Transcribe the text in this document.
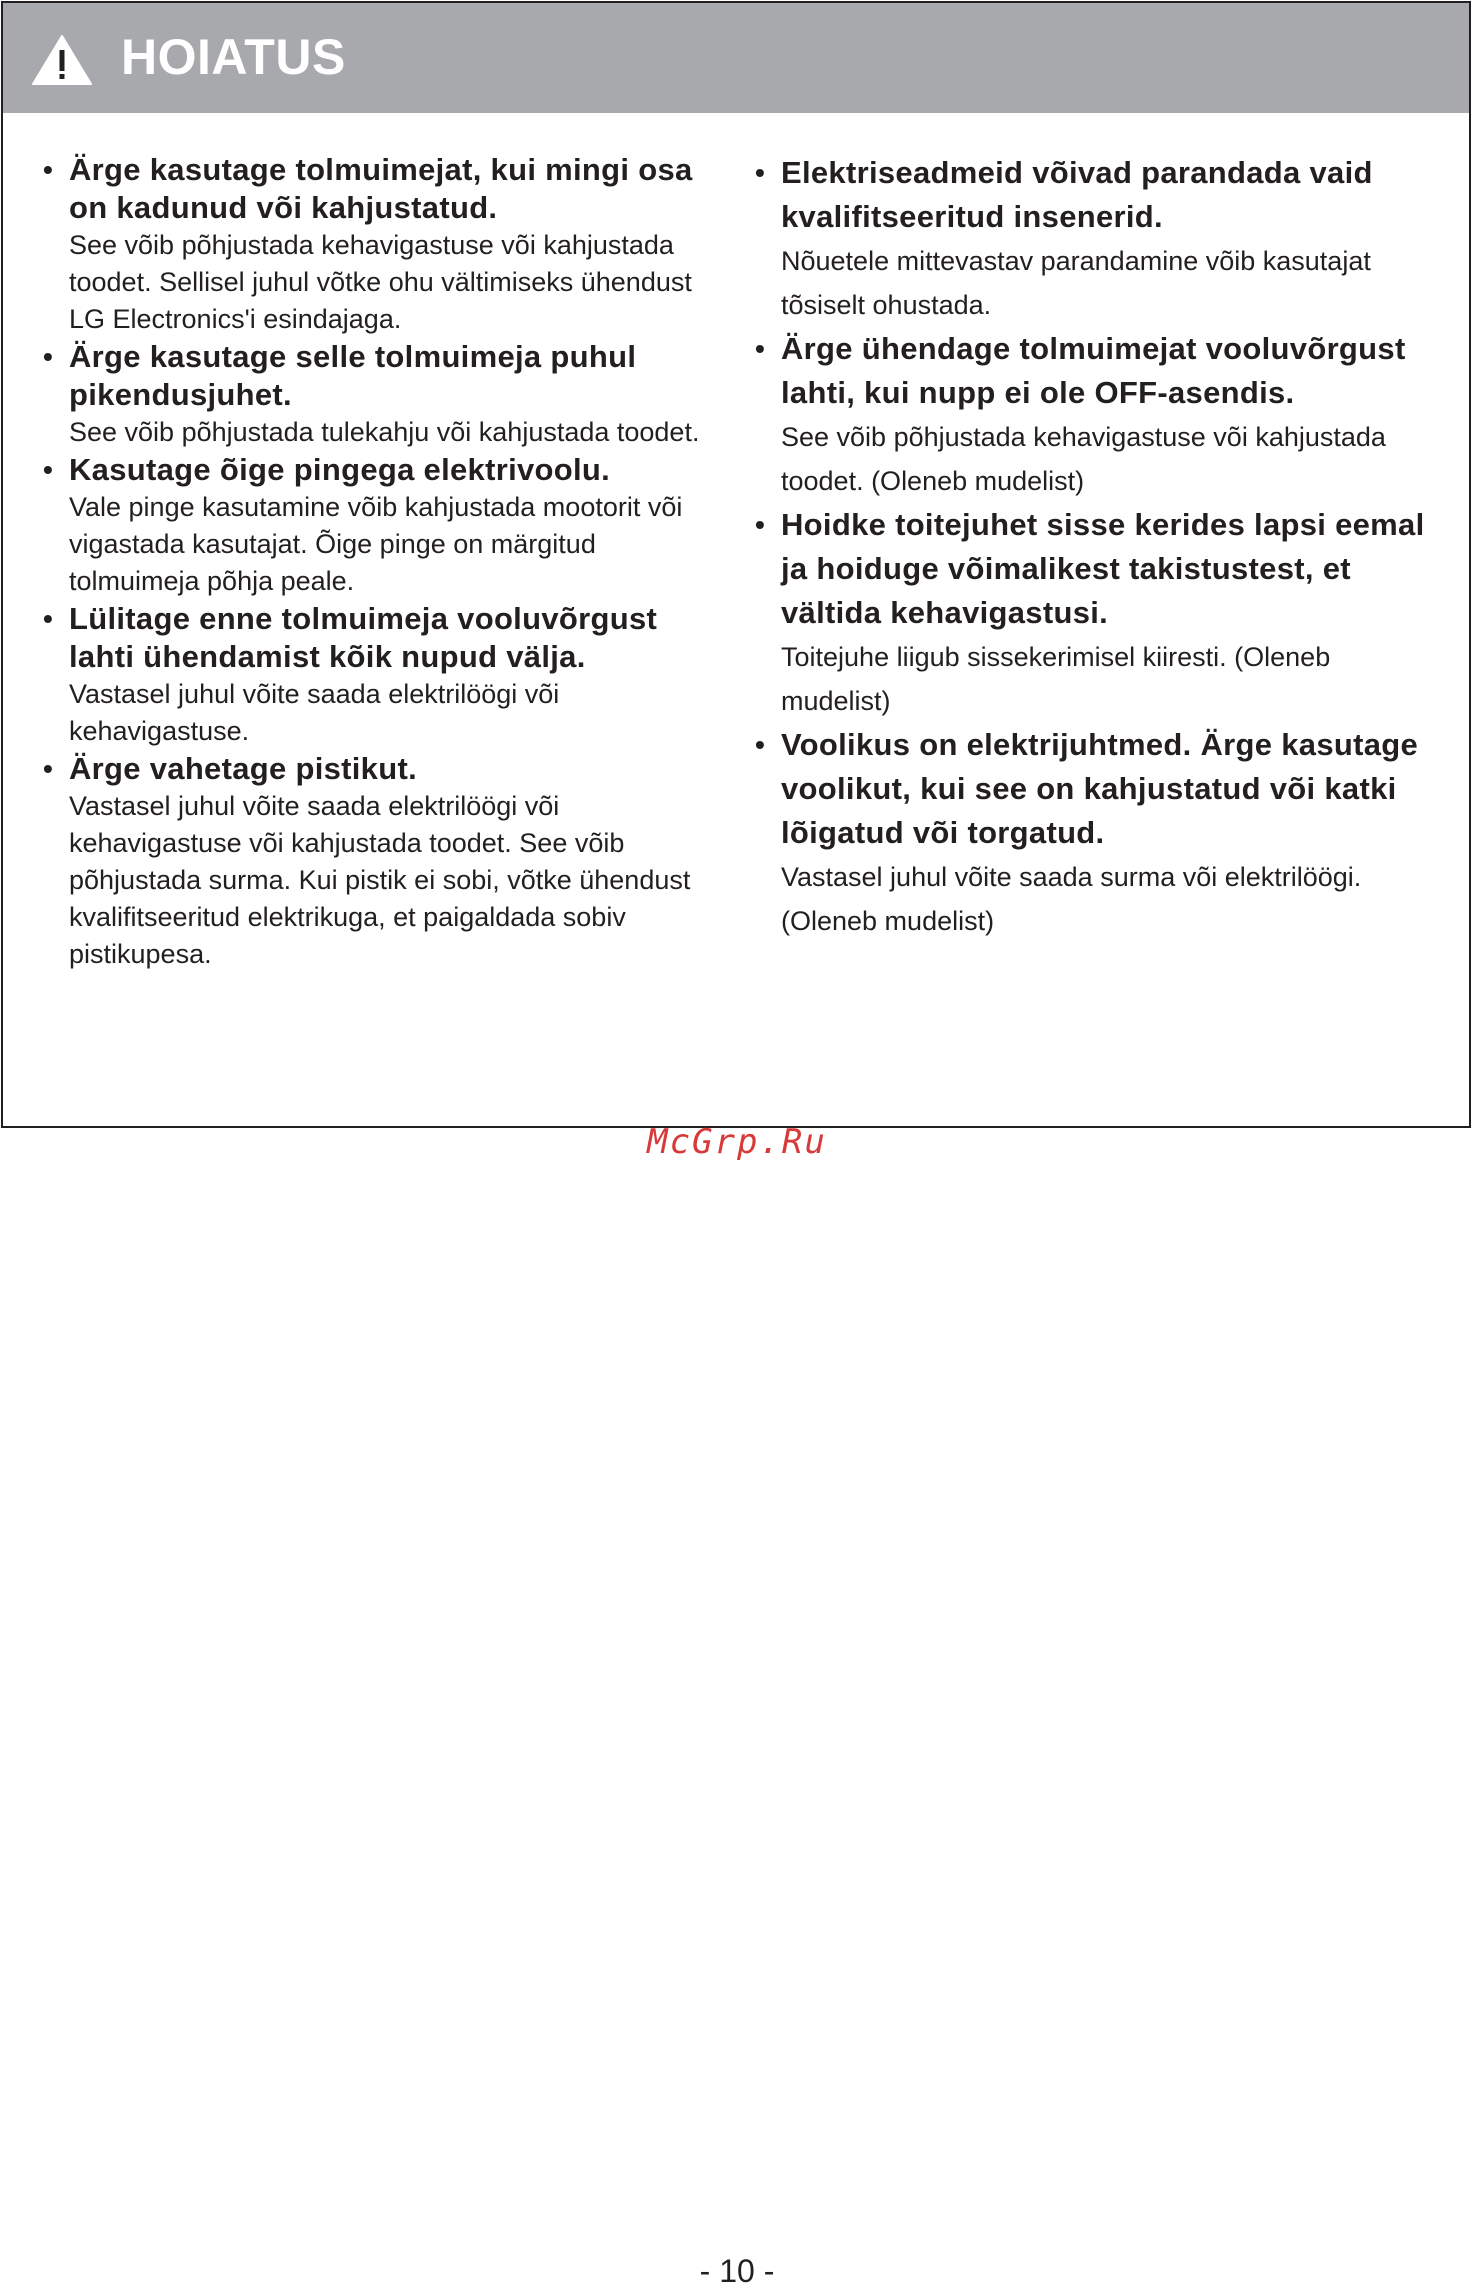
HOIATUS
• Ärge kasutage tolmuimejat, kui mingi osa on kadunud või kahjustatud.
See võib põhjustada kehavigastuse või kahjustada toodet. Sellisel juhul võtke ohu vältimiseks ühendust LG Electronics'i esindajaga.
• Ärge kasutage selle tolmuimeja puhul pikendusjuhet.
See võib põhjustada tulekahju või kahjustada toodet.
• Kasutage õige pingega elektrivoolu.
Vale pinge kasutamine võib kahjustada mootorit või vigastada kasutajat. Õige pinge on märgitud tolmuimeja põhja peale.
• Lülitage enne tolmuimeja vooluvõrgust lahti ühendamist kõik nupud välja.
Vastasel juhul võite saada elektrilöögi või kehavigastuse.
• Ärge vahetage pistikut.
Vastasel juhul võite saada elektrilöögi või kehavigastuse või kahjustada toodet. See võib põhjustada surma. Kui pistik ei sobi, võtke ühendust kvalifitseeritud elektrikuga, et paigaldada sobiv pistikupesa.
• Elektriseadmeid võivad parandada vaid kvalifitseeritud insenerid.
Nõuetele mittevastav parandamine võib kasutajat tõsiselt ohustada.
• Ärge ühendage tolmuimejat vooluvõrgust lahti, kui nupp ei ole OFF-asendis.
See võib põhjustada kehavigastuse või kahjustada toodet. (Oleneb mudelist)
• Hoidke toitejuhet sisse kerides lapsi eemal ja hoiduge võimalikest takistustest, et vältida kehavigastusi.
Toitejuhe liigub sissekerimisel kiiresti. (Oleneb mudelist)
• Voolikus on elektrijuhtmed. Ärge kasutage voolikut, kui see on kahjustatud või katki lõigatud või torgatud.
Vastasel juhul võite saada surma või elektrilöögi. (Oleneb mudelist)
McGrp.Ru
- 10 -
